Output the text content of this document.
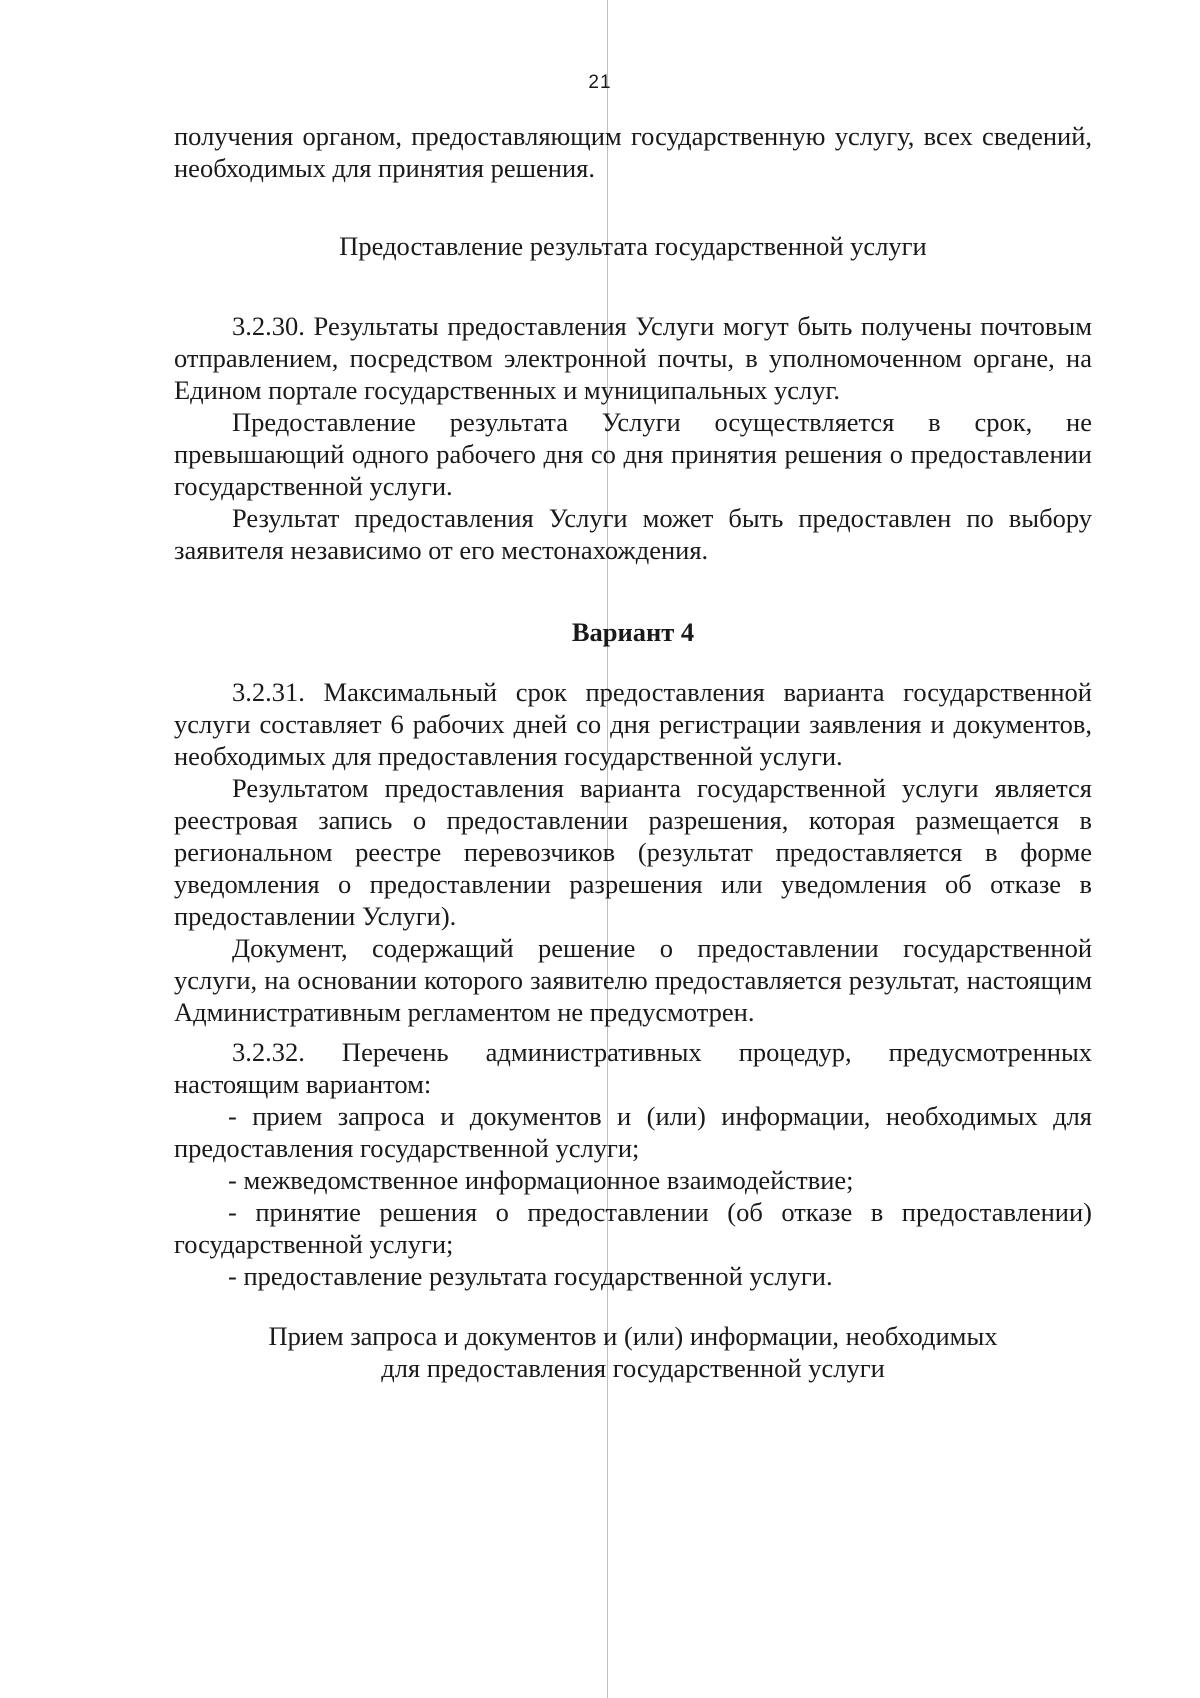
21

получения органом, предоставляющим государственную услугу, всех сведений, необходимых для принятия решения.

Предоставление результата государственной услуги

3.2.30. Результаты предоставления Услуги могут быть получены почтовым отправлением, посредством электронной почты, в уполномоченном органе, на Едином портале государственных и муниципальных услуг.

Предоставление результата Услуги осуществляется в срок, не превышающий одного рабочего дня со дня принятия решения о предоставлении государственной услуги.

Результат предоставления Услуги может быть предоставлен по выбору заявителя независимо от его местонахождения.

Вариант 4

3.2.31. Максимальный срок предоставления варианта государственной услуги составляет 6 рабочих дней со дня регистрации заявления и документов, необходимых для предоставления государственной услуги.

Результатом предоставления варианта государственной услуги является реестровая запись о предоставлении разрешения, которая размещается в региональном реестре перевозчиков (результат предоставляется в форме уведомления о предоставлении разрешения или уведомления об отказе в предоставлении Услуги).

Документ, содержащий решение о предоставлении государственной услуги, на основании которого заявителю предоставляется результат, настоящим Административным регламентом не предусмотрен.

3.2.32. Перечень административных процедур, предусмотренных настоящим вариантом:

- прием запроса и документов и (или) информации, необходимых для предоставления государственной услуги;

- межведомственное информационное взаимодействие;

- принятие решения о предоставлении (об отказе в предоставлении) государственной услуги;

- предоставление результата государственной услуги.

Прием запроса и документов и (или) информации, необходимых

для предоставления государственной услуги
